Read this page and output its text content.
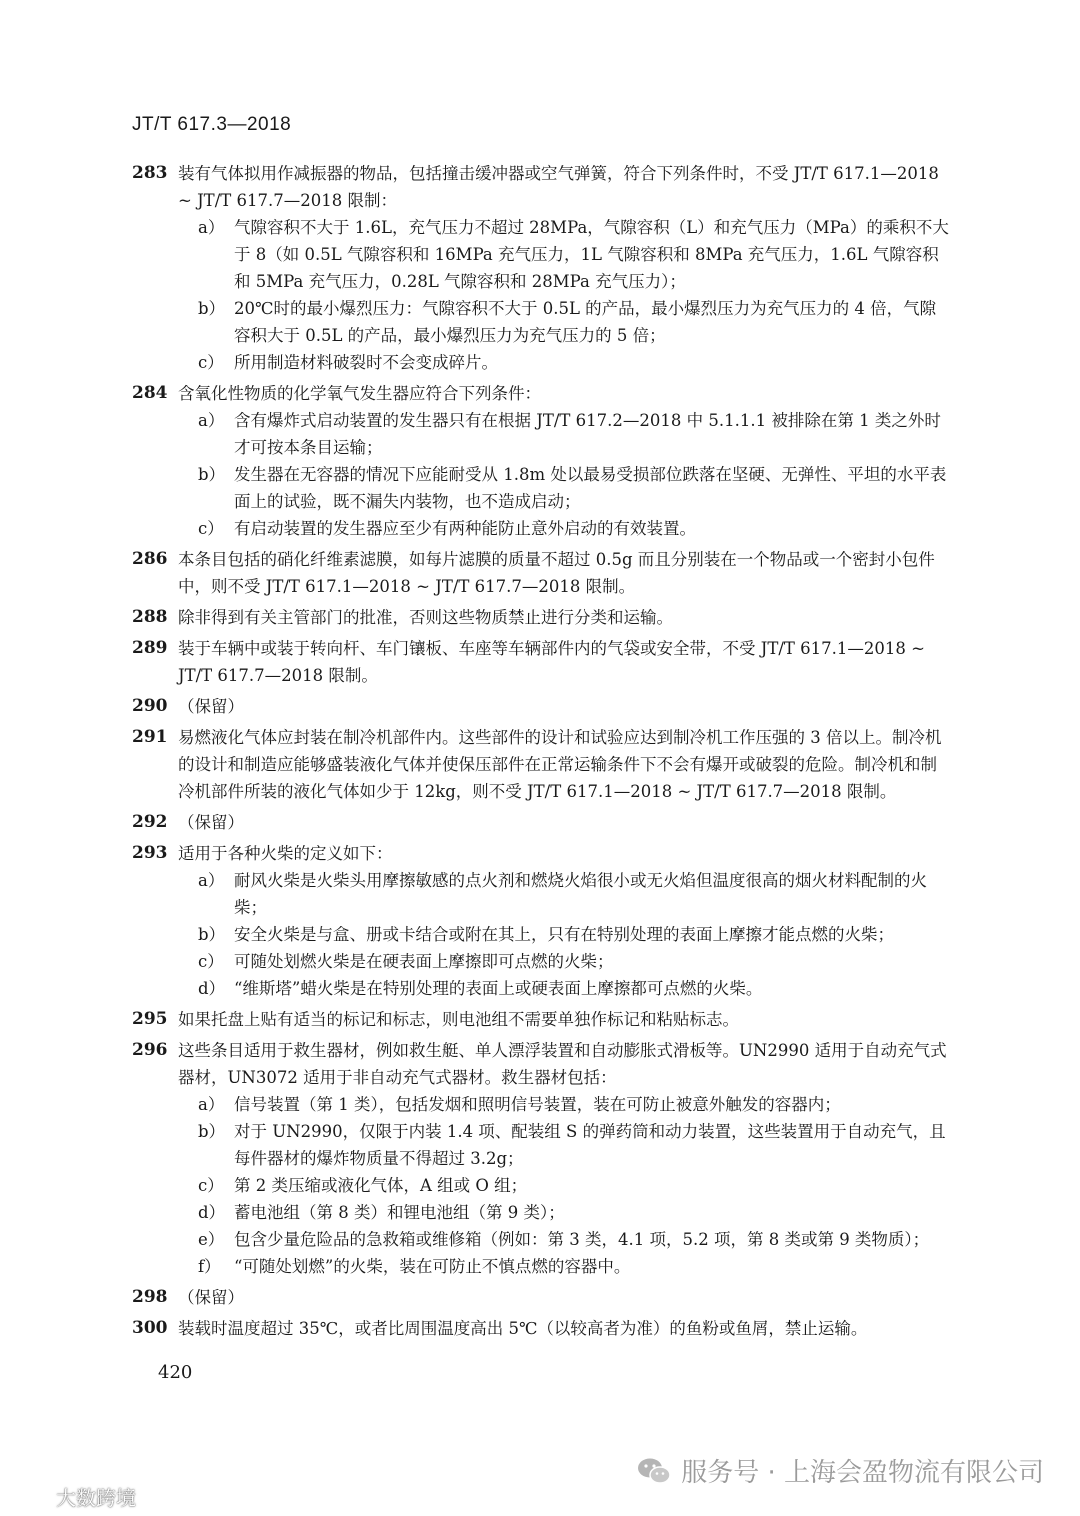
JT/T 617.3—2018
283 装有气体拟用作减振器的物品，包括撞击缓冲器或空气弹簧，符合下列条件时，不受 JT/T 617.1—2018 ~ JT/T 617.7—2018 限制：
a） 气隙容积不大于 1.6L，充气压力不超过 28MPa，气隙容积（L）和充气压力（MPa）的乘积不大于 8（如 0.5L 气隙容积和 16MPa 充气压力，1L 气隙容积和 8MPa 充气压力，1.6L 气隙容积和 5MPa 充气压力，0.28L 气隙容积和 28MPa 充气压力）；
b） 20℃时的最小爆烈压力：气隙容积不大于 0.5L 的产品，最小爆烈压力为充气压力的 4 倍，气隙容积大于 0.5L 的产品，最小爆烈压力为充气压力的 5 倍；
c） 所用制造材料破裂时不会变成碎片。
284 含氧化性物质的化学氧气发生器应符合下列条件：
a） 含有爆炸式启动装置的发生器只有在根据 JT/T 617.2—2018 中 5.1.1.1 被排除在第 1 类之外时才可按本条目运输；
b） 发生器在无容器的情况下应能耐受从 1.8m 处以最易受损部位跌落在坚硬、无弹性、平坦的水平表面上的试验，既不漏失内装物，也不造成启动；
c） 有启动装置的发生器应至少有两种能防止意外启动的有效装置。
286 本条目包括的硝化纤维素滤膜，如每片滤膜的质量不超过 0.5g 而且分别装在一个物品或一个密封小包件中，则不受 JT/T 617.1—2018 ~ JT/T 617.7—2018 限制。
288 除非得到有关主管部门的批准，否则这些物质禁止进行分类和运输。
289 装于车辆中或装于转向杆、车门镶板、车座等车辆部件内的气袋或安全带，不受 JT/T 617.1—2018 ~ JT/T 617.7—2018 限制。
290 （保留）
291 易燃液化气体应封装在制冷机部件内。这些部件的设计和试验应达到制冷机工作压强的 3 倍以上。制冷机的设计和制造应能够盛装液化气体并使保压部件在正常运输条件下不会有爆开或破裂的危险。制冷机和制冷机部件所装的液化气体如少于 12kg，则不受 JT/T 617.1—2018 ~ JT/T 617.7—2018 限制。
292 （保留）
293 适用于各种火柴的定义如下：
a） 耐风火柴是火柴头用摩擦敏感的点火剂和燃烧火焰很小或无火焰但温度很高的烟火材料配制的火柴；
b） 安全火柴是与盒、册或卡结合或附在其上，只有在特别处理的表面上摩擦才能点燃的火柴；
c） 可随处划燃火柴是在硬表面上摩擦即可点燃的火柴；
d） “维斯塔”蜡火柴是在特别处理的表面上或硬表面上摩擦都可点燃的火柴。
295 如果托盘上贴有适当的标记和标志，则电池组不需要单独作标记和粘贴标志。
296 这些条目适用于救生器材，例如救生艇、单人漂浮装置和自动膨胀式滑板等。UN2990 适用于自动充气式器材，UN3072 适用于非自动充气式器材。救生器材包括：
a） 信号装置（第 1 类），包括发烟和照明信号装置，装在可防止被意外触发的容器内；
b） 对于 UN2990，仅限于内装 1.4 项、配装组 S 的弹药筒和动力装置，这些装置用于自动充气，且每件器材的爆炸物质量不得超过 3.2g；
c） 第 2 类压缩或液化气体，A 组或 O 组；
d） 蓄电池组（第 8 类）和锂电池组（第 9 类）；
e） 包含少量危险品的急救箱或维修箱（例如：第 3 类，4.1 项，5.2 项，第 8 类或第 9 类物质）；
f） “可随处划燃”的火柴，装在可防止不慎点燃的容器中。
298 （保留）
300 装载时温度超过 35℃，或者比周围温度高出 5℃（以较高者为准）的鱼粉或鱼屑，禁止运输。
420
服务号 · 上海会盈物流有限公司
大数跨境
